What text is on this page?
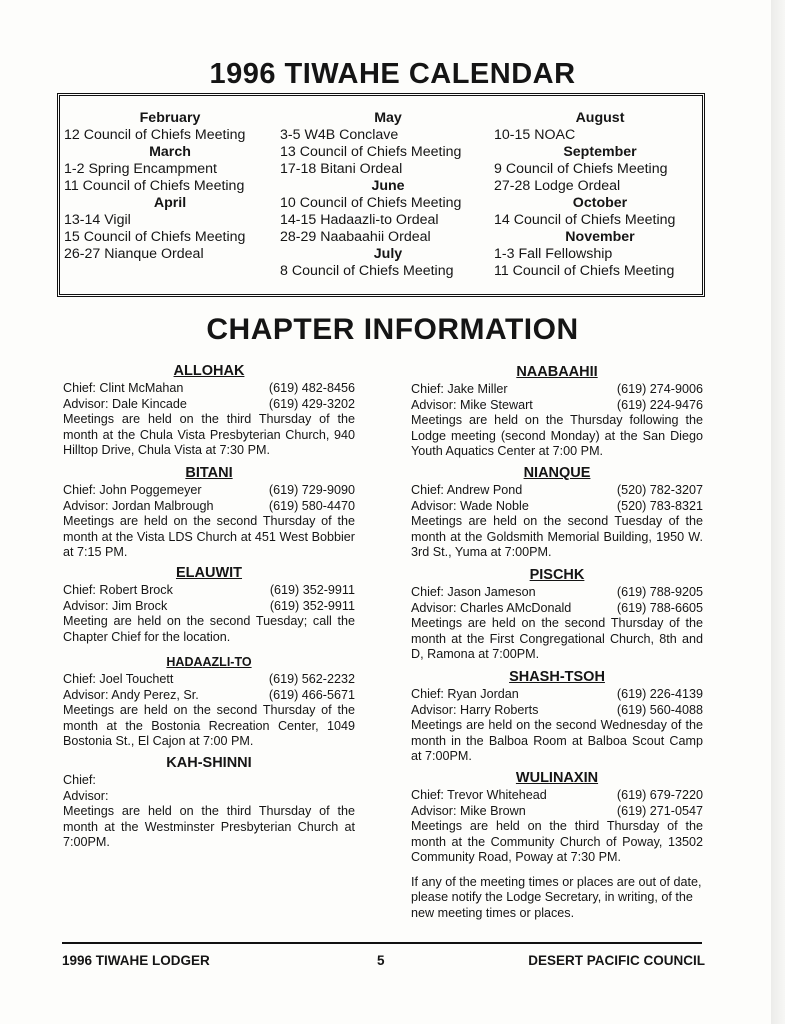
1996 TIWAHE CALENDAR
February
12 Council of Chiefs Meeting
March
1-2 Spring Encampment
11 Council of Chiefs Meeting
April
13-14 Vigil
15 Council of Chiefs Meeting
26-27 Nianque Ordeal
May
3-5 W4B Conclave
13 Council of Chiefs Meeting
17-18 Bitani Ordeal
June
10 Council of Chiefs Meeting
14-15 Hadaazli-to Ordeal
28-29 Naabaahii Ordeal
July
8 Council of Chiefs Meeting
August
10-15 NOAC
September
9 Council of Chiefs Meeting
27-28 Lodge Ordeal
October
14 Council of Chiefs Meeting
November
1-3 Fall Fellowship
11 Council of Chiefs Meeting
CHAPTER INFORMATION
ALLOHAK
Chief: Clint McMahan	(619) 482-8456
Advisor: Dale Kincade	(619) 429-3202
Meetings are held on the third Thursday of the month at the Chula Vista Presbyterian Church, 940 Hilltop Drive, Chula Vista at 7:30 PM.
BITANI
Chief: John Poggemeyer	(619) 729-9090
Advisor: Jordan Malbrough	(619) 580-4470
Meetings are held on the second Thursday of the month at the Vista LDS Church at 451 West Bobbier at 7:15 PM.
ELAUWIT
Chief: Robert Brock	(619) 352-9911
Advisor: Jim Brock	(619) 352-9911
Meeting are held on the second Tuesday; call the Chapter Chief for the location.
HADAAZLI-TO
Chief: Joel Touchett	(619) 562-2232
Advisor: Andy Perez, Sr.	(619) 466-5671
Meetings are held on the second Thursday of the month at the Bostonia Recreation Center, 1049 Bostonia St., El Cajon at 7:00 PM.
KAH-SHINNI
Chief:
Advisor:
Meetings are held on the third Thursday of the month at the Westminster Presbyterian Church at 7:00PM.
NAABAAHII
Chief: Jake Miller	(619) 274-9006
Advisor: Mike Stewart	(619) 224-9476
Meetings are held on the Thursday following the Lodge meeting (second Monday) at the San Diego Youth Aquatics Center at 7:00 PM.
NIANQUE
Chief: Andrew Pond	(520) 782-3207
Advisor: Wade Noble	(520) 783-8321
Meetings are held on the second Tuesday of the month at the Goldsmith Memorial Building, 1950 W. 3rd St., Yuma at 7:00PM.
PISCHK
Chief: Jason Jameson	(619) 788-9205
Advisor: Charles AMcDonald	(619) 788-6605
Meetings are held on the second Thursday of the month at the First Congregational Church, 8th and D, Ramona at 7:00PM.
SHASH-TSOH
Chief: Ryan Jordan	(619) 226-4139
Advisor: Harry Roberts	(619) 560-4088
Meetings are held on the second Wednesday of the month in the Balboa Room at Balboa Scout Camp at 7:00PM.
WULINAXIN
Chief: Trevor Whitehead	(619) 679-7220
Advisor: Mike Brown	(619) 271-0547
Meetings are held on the third Thursday of the month at the Community Church of Poway, 13502 Community Road, Poway at 7:30 PM.
If any of the meeting times or places are out of date, please notify the Lodge Secretary, in writing, of the new meeting times or places.
1996 TIWAHE LODGER	5	DESERT PACIFIC COUNCIL
